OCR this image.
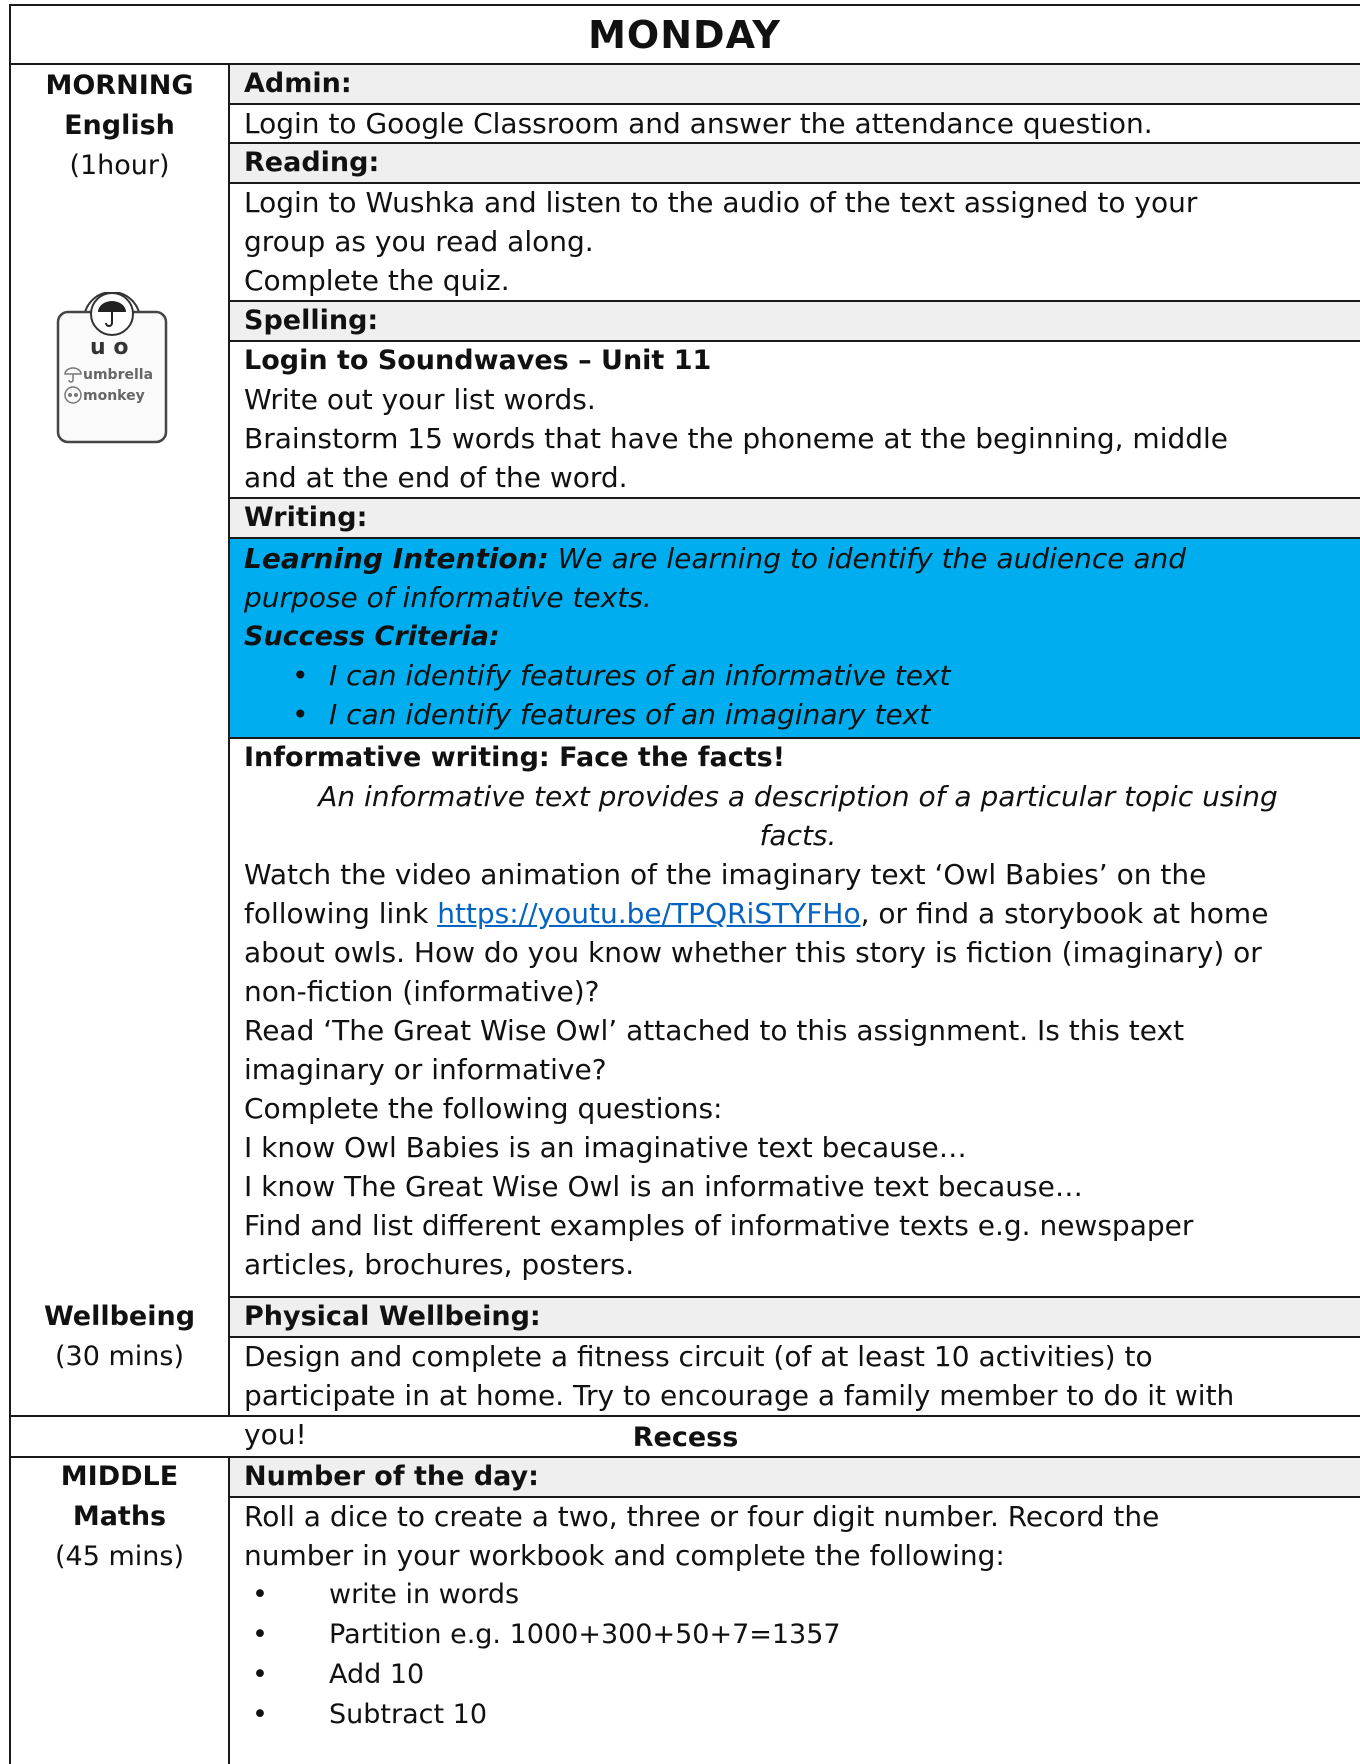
MONDAY
MORNING
English
(1hour)
u o
umbrella
monkey
Wellbeing
(30 mins)
Admin:
Login to Google Classroom and answer the attendance question.
Reading:
Login to Wushka and listen to the audio of the text assigned to your
group as you read along.
Complete the quiz.
Spelling:
Login to Soundwaves – Unit 11
Write out your list words.
Brainstorm 15 words that have the phoneme at the beginning, middle
and at the end of the word.
Writing:
Learning Intention: We are learning to identify the audience and
purpose of informative texts.
Success Criteria:
• I can identify features of an informative text
• I can identify features of an imaginary text
Informative writing: Face the facts!
An informative text provides a description of a particular topic using
facts.
Watch the video animation of the imaginary text ‘Owl Babies’ on the
following link https://youtu.be/TPQRiSTYFHo, or find a storybook at home
about owls. How do you know whether this story is fiction (imaginary) or
non-fiction (informative)?
Read ‘The Great Wise Owl’ attached to this assignment. Is this text
imaginary or informative?
Complete the following questions:
I know Owl Babies is an imaginative text because…
I know The Great Wise Owl is an informative text because…
Find and list different examples of informative texts e.g. newspaper
articles, brochures, posters.
Physical Wellbeing:
Design and complete a fitness circuit (of at least 10 activities) to
participate in at home. Try to encourage a family member to do it with
you!	Recess
MIDDLE
Maths
(45 mins)
Number of the day:
Roll a dice to create a two, three or four digit number. Record the
number in your workbook and complete the following:
• write in words
• Partition e.g. 1000+300+50+7=1357
• Add 10
• Subtract 10
